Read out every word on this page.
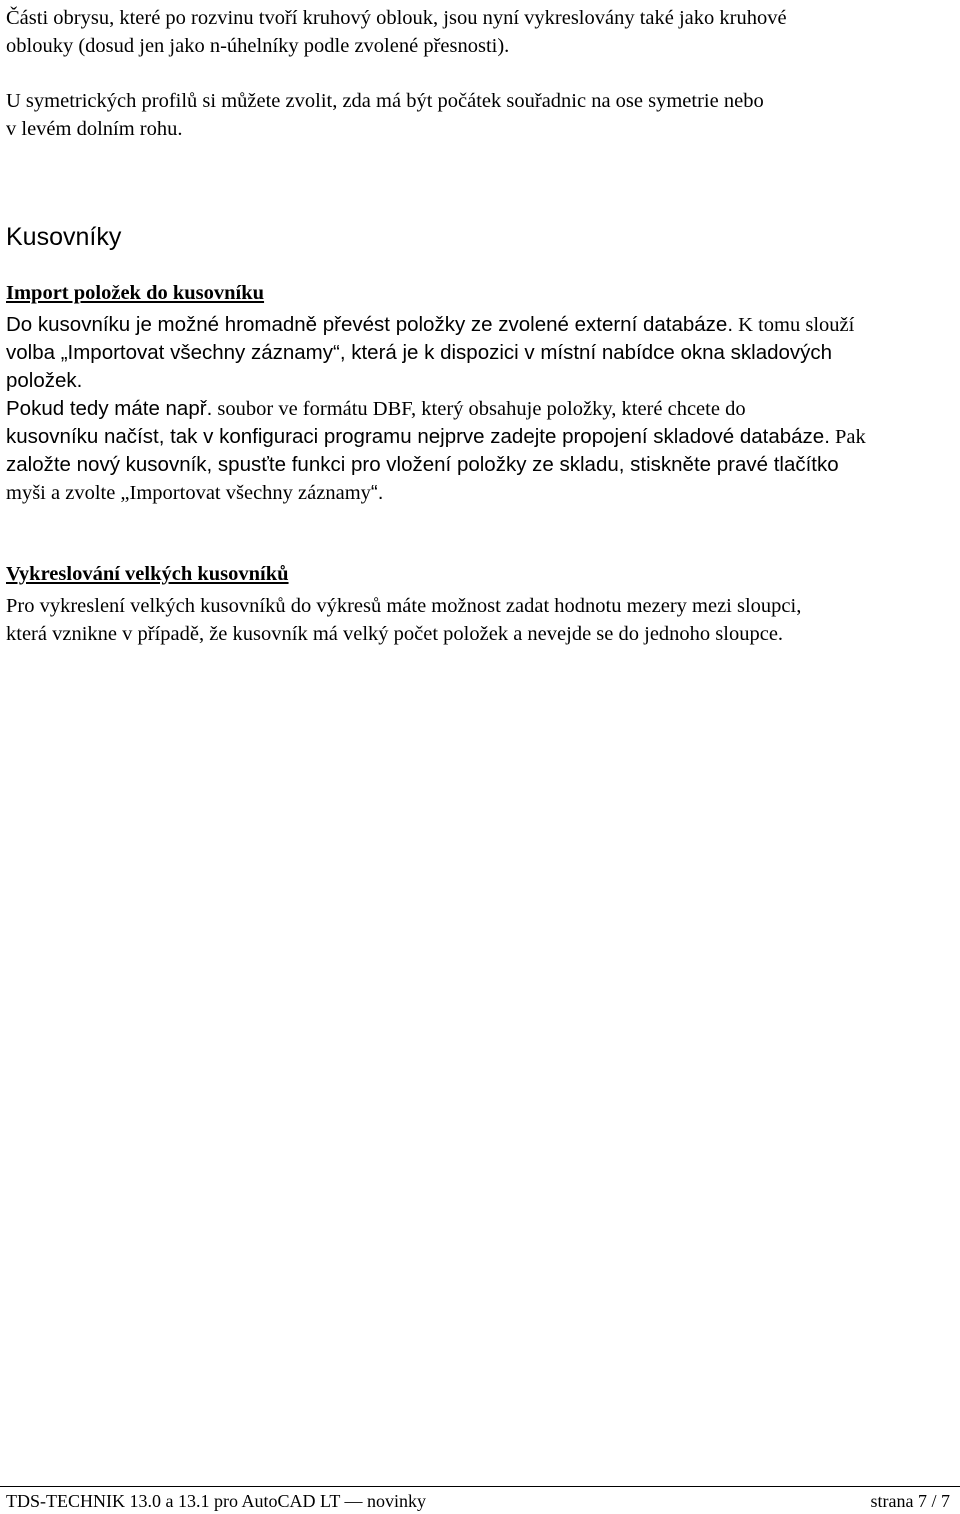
Části obrysu, které po rozvinu tvoří kruhový oblouk, jsou nyní vykreslovány také jako kruhové
oblouky (dosud jen jako n-úhelníky podle zvolené přesnosti).

U symetrických profilů si můžete zvolit, zda má být počátek souřadnic na ose symetrie nebo
v levém dolním rohu.

Kusovníky
Import položek do kusovníku
Do kusovníku je možné hromadně převést položky ze zvolené externí databáze. K tomu slouží
volba „Importovat všechny záznamy“, která je k dispozici v místní nabídce okna skladových
položek.
Pokud tedy máte např. soubor ve formátu DBF, který obsahuje položky, které chcete do
kusovníku načíst, tak v konfiguraci programu nejprve zadejte propojení skladové databáze. Pak
založte nový kusovník, spusťte funkci pro vložení položky ze skladu, stiskněte pravé tlačítko
myši a zvolte „Importovat všechny záznamy“.
Vykreslování velkých kusovníků

Pro vykreslení velkých kusovníků do výkresů máte možnost zadat hodnotu mezery mezi sloupci,
která vznikne v případě, že kusovník má velký počet položek a nevejde se do jednoho sloupce.

TDS-TECHNIK 13.0 a 13.1 pro AutoCAD LT — novinky	strana 7 / 7
